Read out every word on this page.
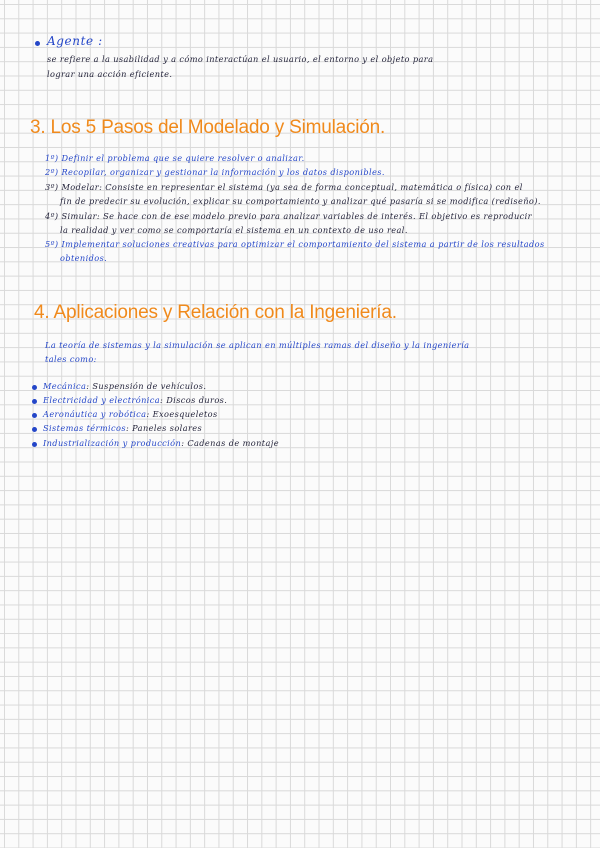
Agente :
se refiere a la usabilidad y a cómo interactúan el usuario, el entorno y el objeto para
lograr una acción eficiente.
3. Los 5 Pasos del Modelado y Simulación.
1º) Definir el problema que se quiere resolver o analizar.
2º) Recopilar, organizar y gestionar la información y los datos disponibles.
3º) Modelar: Consiste en representar el sistema (ya sea de forma conceptual, matemática o física) con el
fin de predecir su evolución, explicar su comportamiento y analizar qué pasaría si se modifica (rediseño).
4º) Simular: Se hace con de ese modelo previo para analizar variables de interés. El objetivo es reproducir
la realidad y ver como se comportaría el sistema en un contexto de uso real.
5º) Implementar soluciones creativas para optimizar el comportamiento del sistema a partir de los resultados
obtenidos.
4. Aplicaciones y Relación con la Ingeniería.
La teoría de sistemas y la simulación se aplican en múltiples ramas del diseño y la ingeniería
tales como:
Mecánica: Suspensión de vehículos.
Electricidad y electrónica: Discos duros.
Aeronáutica y robótica: Exoesqueletos
Sistemas térmicos: Paneles solares
Industrialización y producción: Cadenas de montaje
